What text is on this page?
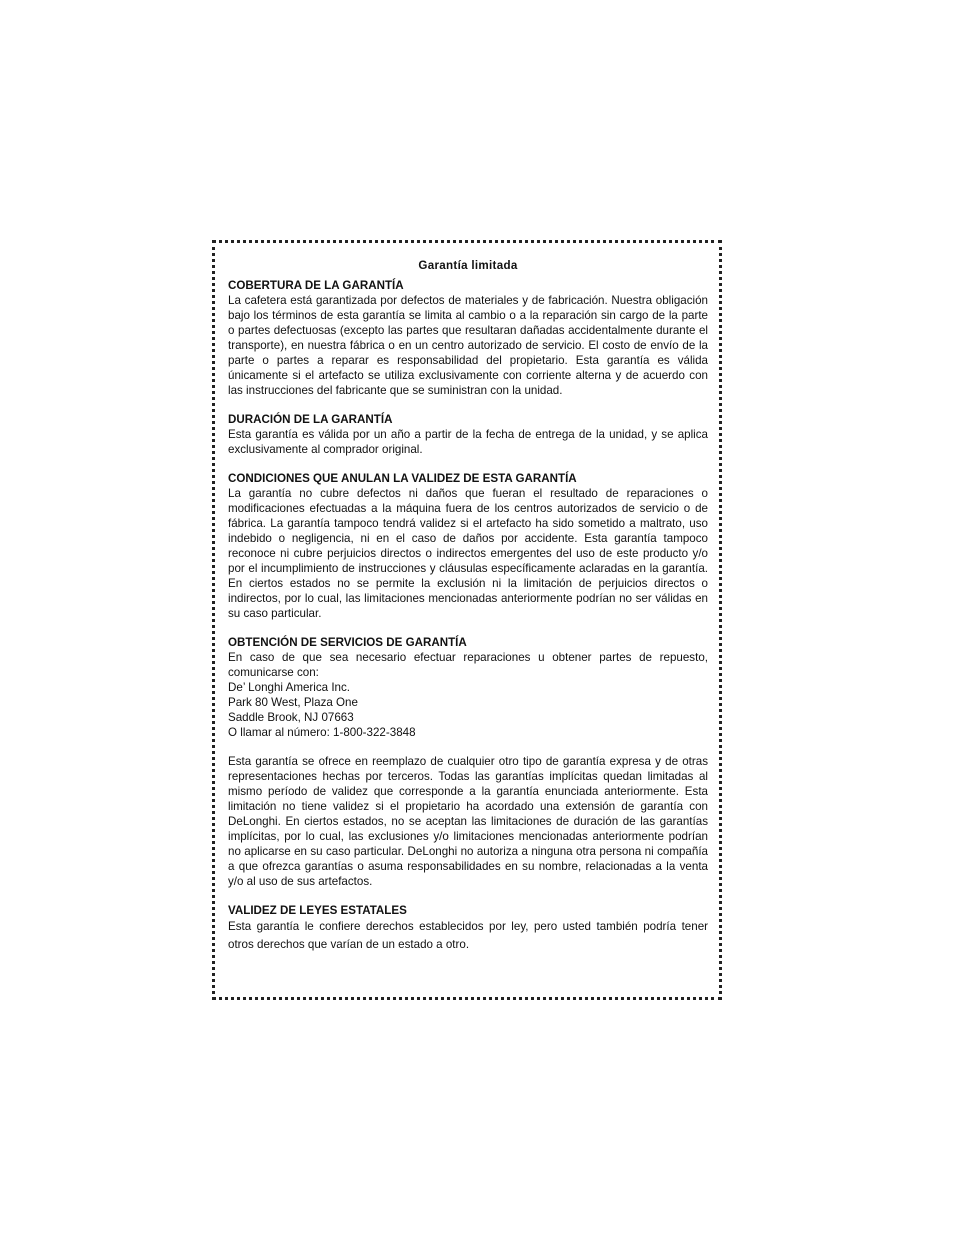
Garantía limitada
COBERTURA DE LA GARANTÍA

La cafetera está garantizada por defectos de materiales y de fabricación. Nuestra obligación bajo los términos de esta garantía se limita al cambio o a la reparación sin cargo de la parte o partes defectuosas (excepto las partes que resultaran dañadas accidentalmente durante el transporte), en nuestra fábrica o en un centro autorizado de servicio. El costo de envío de la parte o partes a reparar es responsabilidad del propietario. Esta garantía es válida únicamente si el artefacto se utiliza exclusivamente con corriente alterna y de acuerdo con las instrucciones del fabricante que se suministran con la unidad.

DURACIÓN DE LA GARANTÍA

Esta garantía es válida por un año a partir de la fecha de entrega de la unidad, y se aplica exclusivamente al comprador original.

CONDICIONES QUE ANULAN LA VALIDEZ DE ESTA GARANTÍA

La garantía no cubre defectos ni daños que fueran el resultado de reparaciones o modificaciones efectuadas a la máquina fuera de los centros autorizados de servicio o de fábrica. La garantía tampoco tendrá validez si el artefacto ha sido sometido a maltrato, uso indebido o negligencia, ni en el caso de daños por accidente. Esta garantía tampoco reconoce ni cubre perjuicios directos o indirectos emergentes del uso de este producto y/o por el incumplimiento de instrucciones y cláusulas específicamente aclaradas en la garantía. En ciertos estados no se permite la exclusión ni la limitación de perjuicios directos o indirectos, por lo cual, las limitaciones mencionadas anteriormente podrían no ser válidas en su caso particular.

OBTENCIÓN DE SERVICIOS DE GARANTÍA

En caso de que sea necesario efectuar reparaciones u obtener partes de repuesto, comunicarse con:

De’ Longhi America Inc.
Park 80 West, Plaza One
Saddle Brook, NJ 07663
O llamar al número: 1-800-322-3848

Esta garantía se ofrece en reemplazo de cualquier otro tipo de garantía expresa y de otras representaciones hechas por terceros. Todas las garantías implícitas quedan limitadas al mismo período de validez que corresponde a la garantía enunciada anteriormente. Esta limitación no tiene validez si el propietario ha acordado una extensión de garantía con DeLonghi. En ciertos estados, no se aceptan las limitaciones de duración de las garantías implícitas, por lo cual, las exclusiones y/o limitaciones mencionadas anteriormente podrían no aplicarse en su caso particular. DeLonghi no autoriza a ninguna otra persona ni compañía a que ofrezca garantías o asuma responsabilidades en su nombre, relacionadas a la venta y/o al uso de sus artefactos.

VALIDEZ DE LEYES ESTATALES

Esta garantía le confiere derechos establecidos por ley, pero usted también podría tener otros derechos que varían de un estado a otro.
